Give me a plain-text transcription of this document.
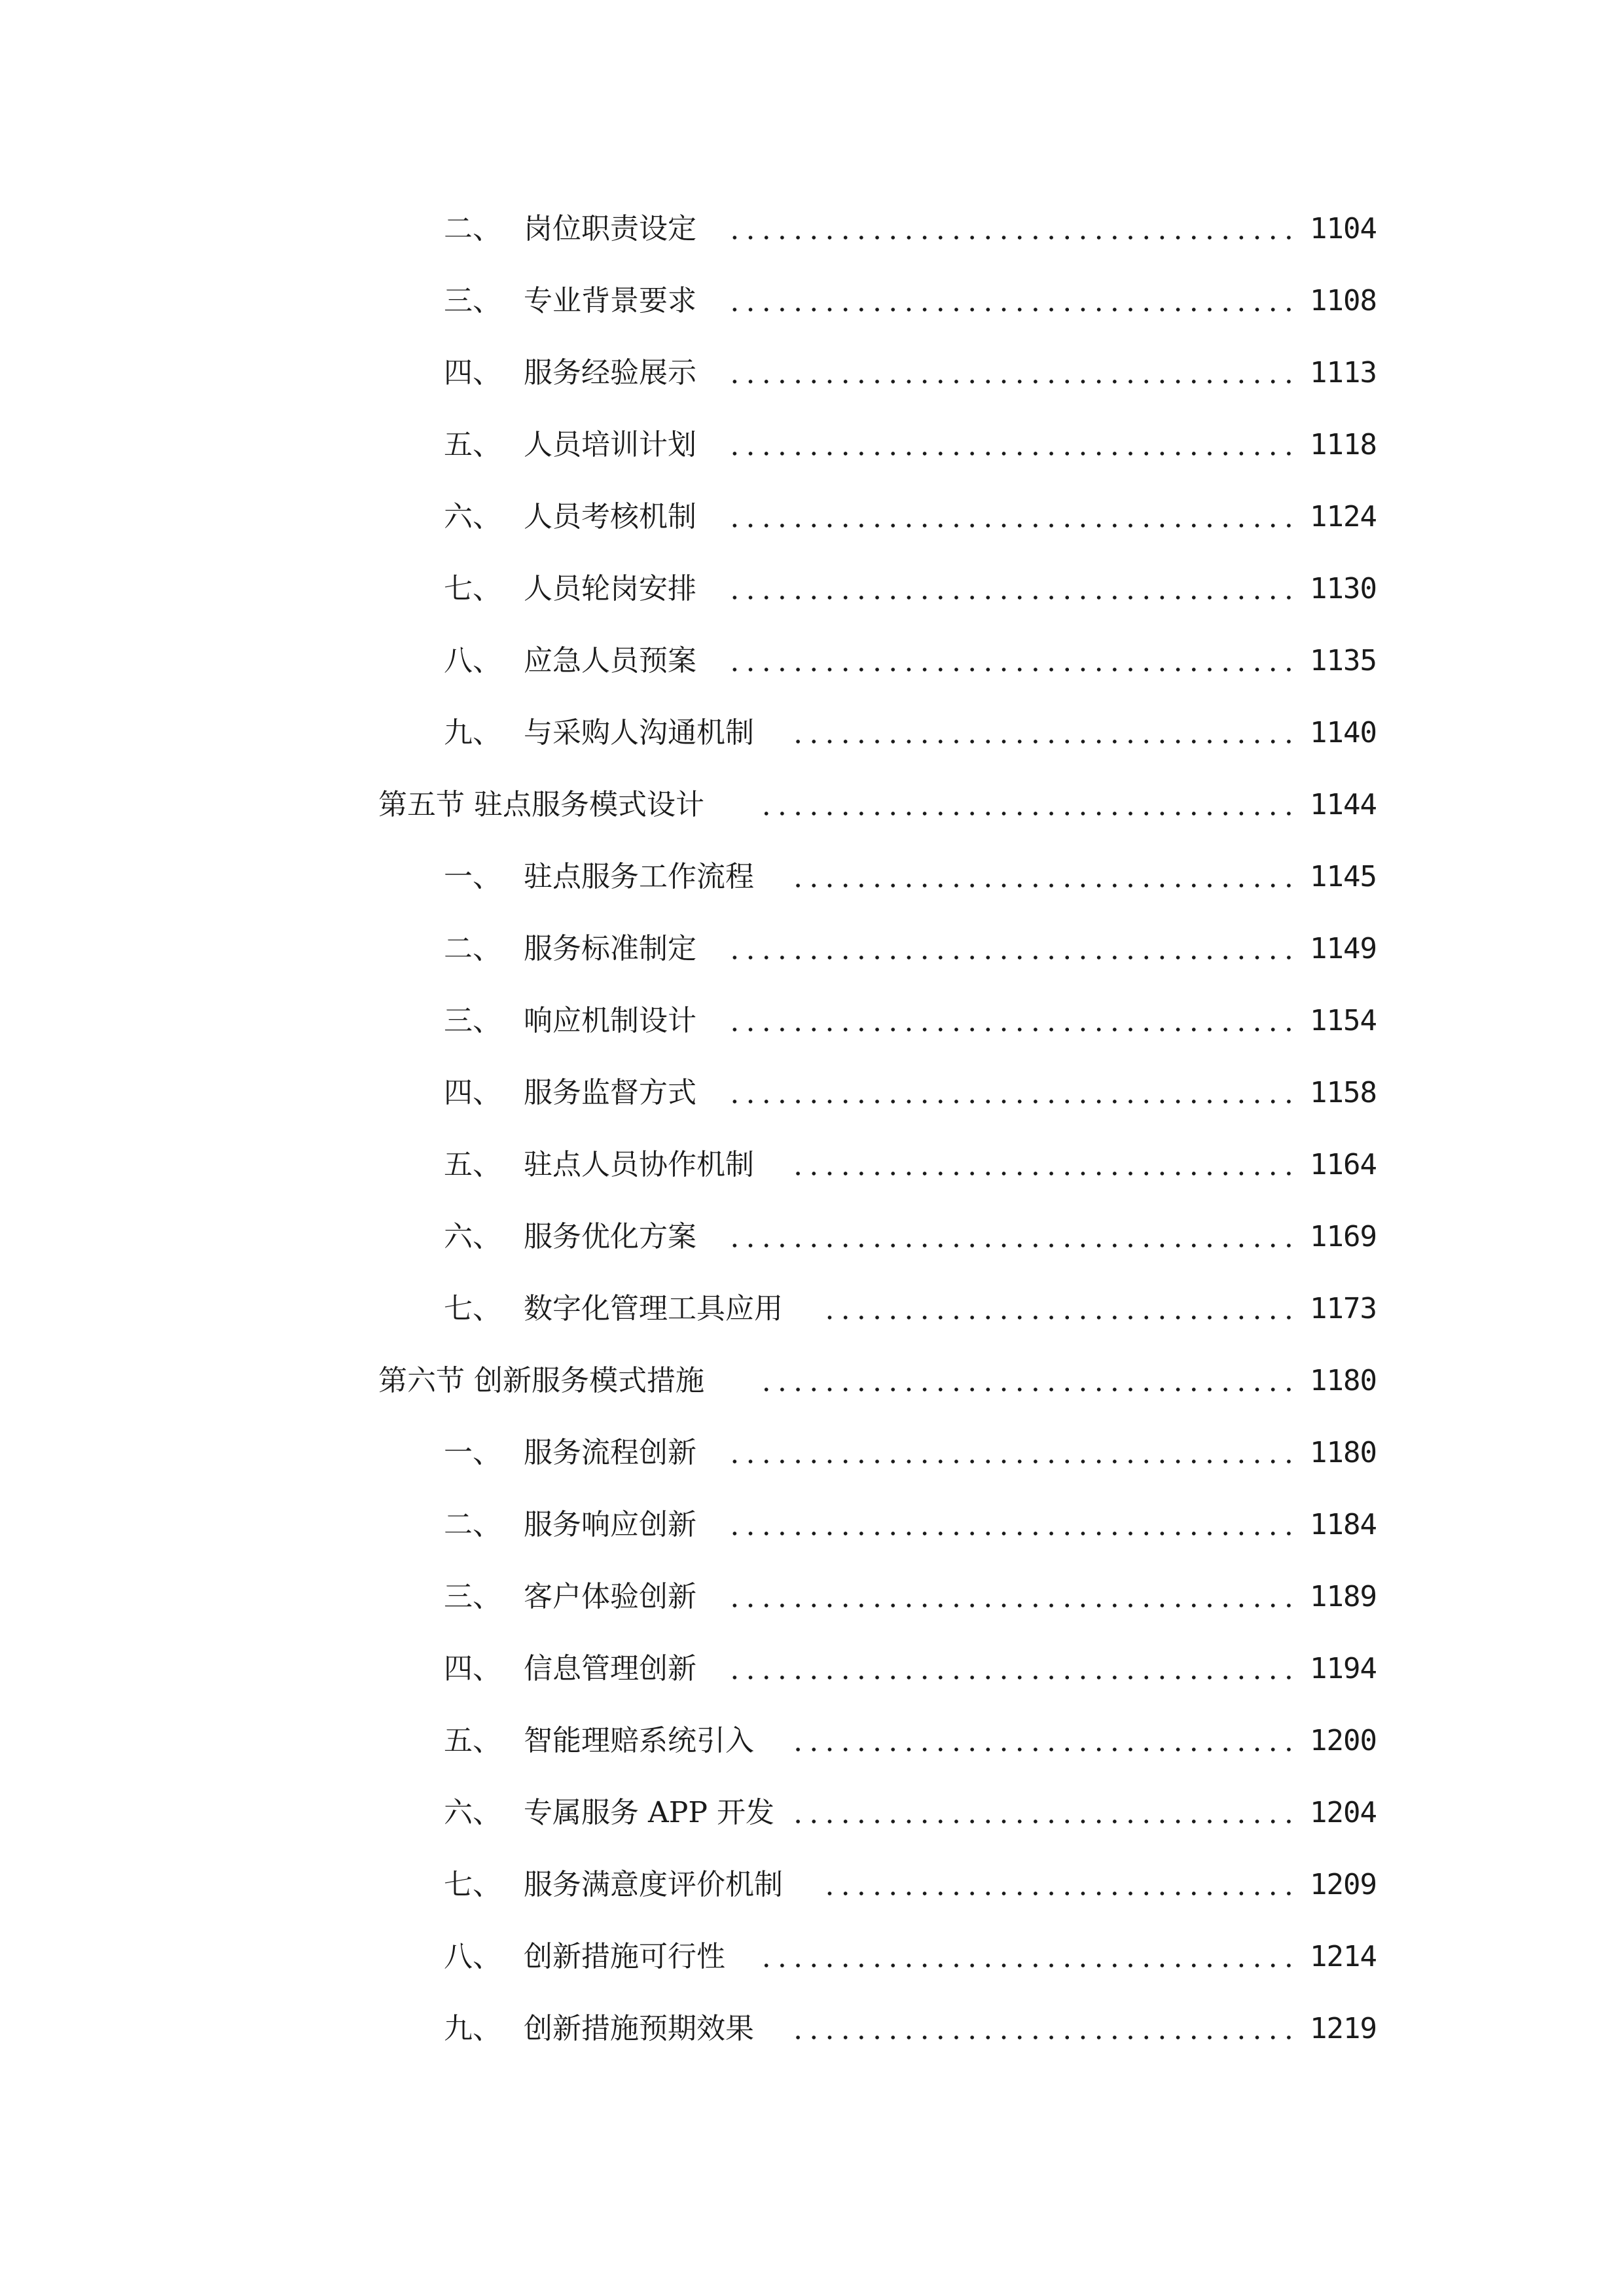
二、 岗位职责设定	1104
三、 专业背景要求	1108
四、 服务经验展示	1113
五、 人员培训计划	1118
六、 人员考核机制	1124
七、 人员轮岗安排	1130
八、 应急人员预案	1135
九、 与采购人沟通机制	1140
第五节 驻点服务模式设计	1144
一、 驻点服务工作流程	1145
二、 服务标准制定	1149
三、 响应机制设计	1154
四、 服务监督方式	1158
五、 驻点人员协作机制	1164
六、 服务优化方案	1169
七、 数字化管理工具应用	1173
第六节 创新服务模式措施	1180
一、 服务流程创新	1180
二、 服务响应创新	1184
三、 客户体验创新	1189
四、 信息管理创新	1194
五、 智能理赔系统引入	1200
六、 专属服务 APP 开发	1204
七、 服务满意度评价机制	1209
八、 创新措施可行性	1214
九、 创新措施预期效果	1219
